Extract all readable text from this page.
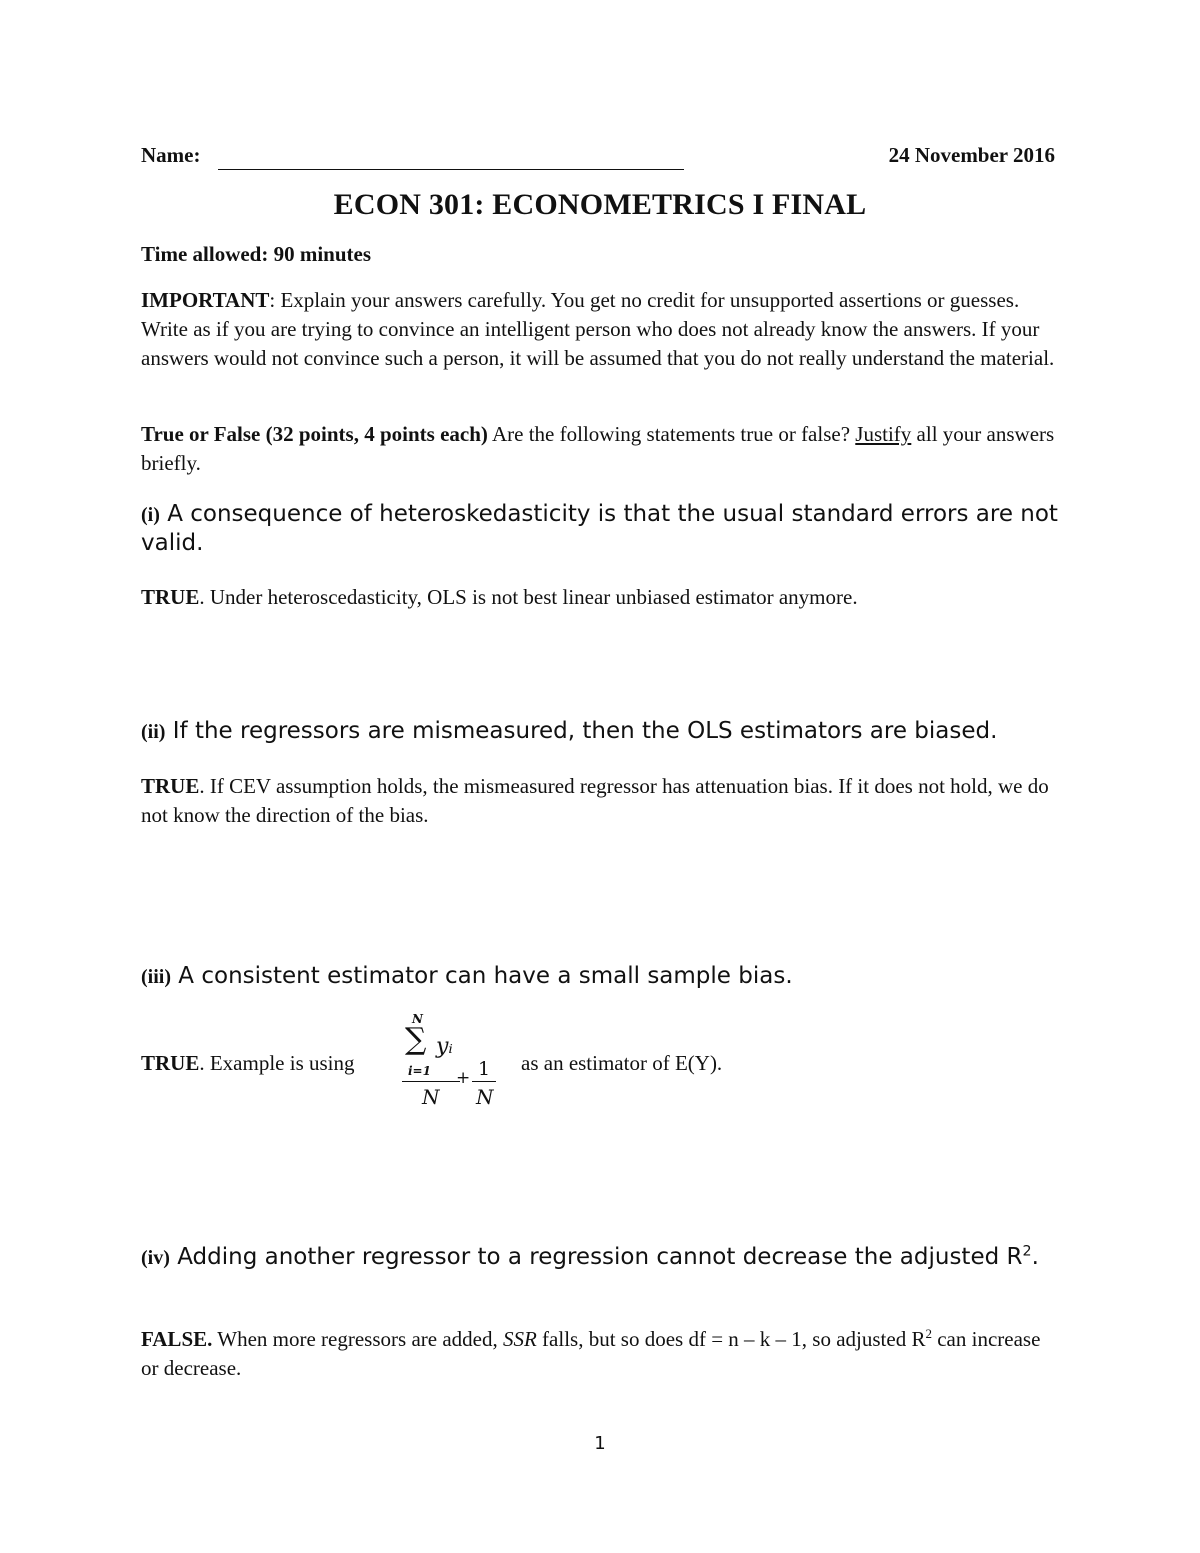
Name:	24 November 2016
ECON 301: ECONOMETRICS I FINAL
Time allowed: 90 minutes
IMPORTANT: Explain your answers carefully. You get no credit for unsupported assertions or guesses. Write as if you are trying to convince an intelligent person who does not already know the answers. If your answers would not convince such a person, it will be assumed that you do not really understand the material.
True or False (32 points, 4 points each) Are the following statements true or false? Justify all your answers briefly.
(i) A consequence of heteroskedasticity is that the usual standard errors are not valid.
TRUE. Under heteroscedasticity, OLS is not best linear unbiased estimator anymore.
(ii) If the regressors are mismeasured, then the OLS estimators are biased.
TRUE. If CEV assumption holds, the mismeasured regressor has attenuation bias. If it does not hold, we do not know the direction of the bias.
(iii) A consistent estimator can have a small sample bias.
TRUE. Example is using
N
∑ yᵢ
i=1
N
+ 1
N
as an estimator of E(Y).
(iv) Adding another regressor to a regression cannot decrease the adjusted $R^2$.
FALSE. When more regressors are added, SSR falls, but so does df = n – k – 1, so adjusted $R^2$ can increase or decrease.
1
